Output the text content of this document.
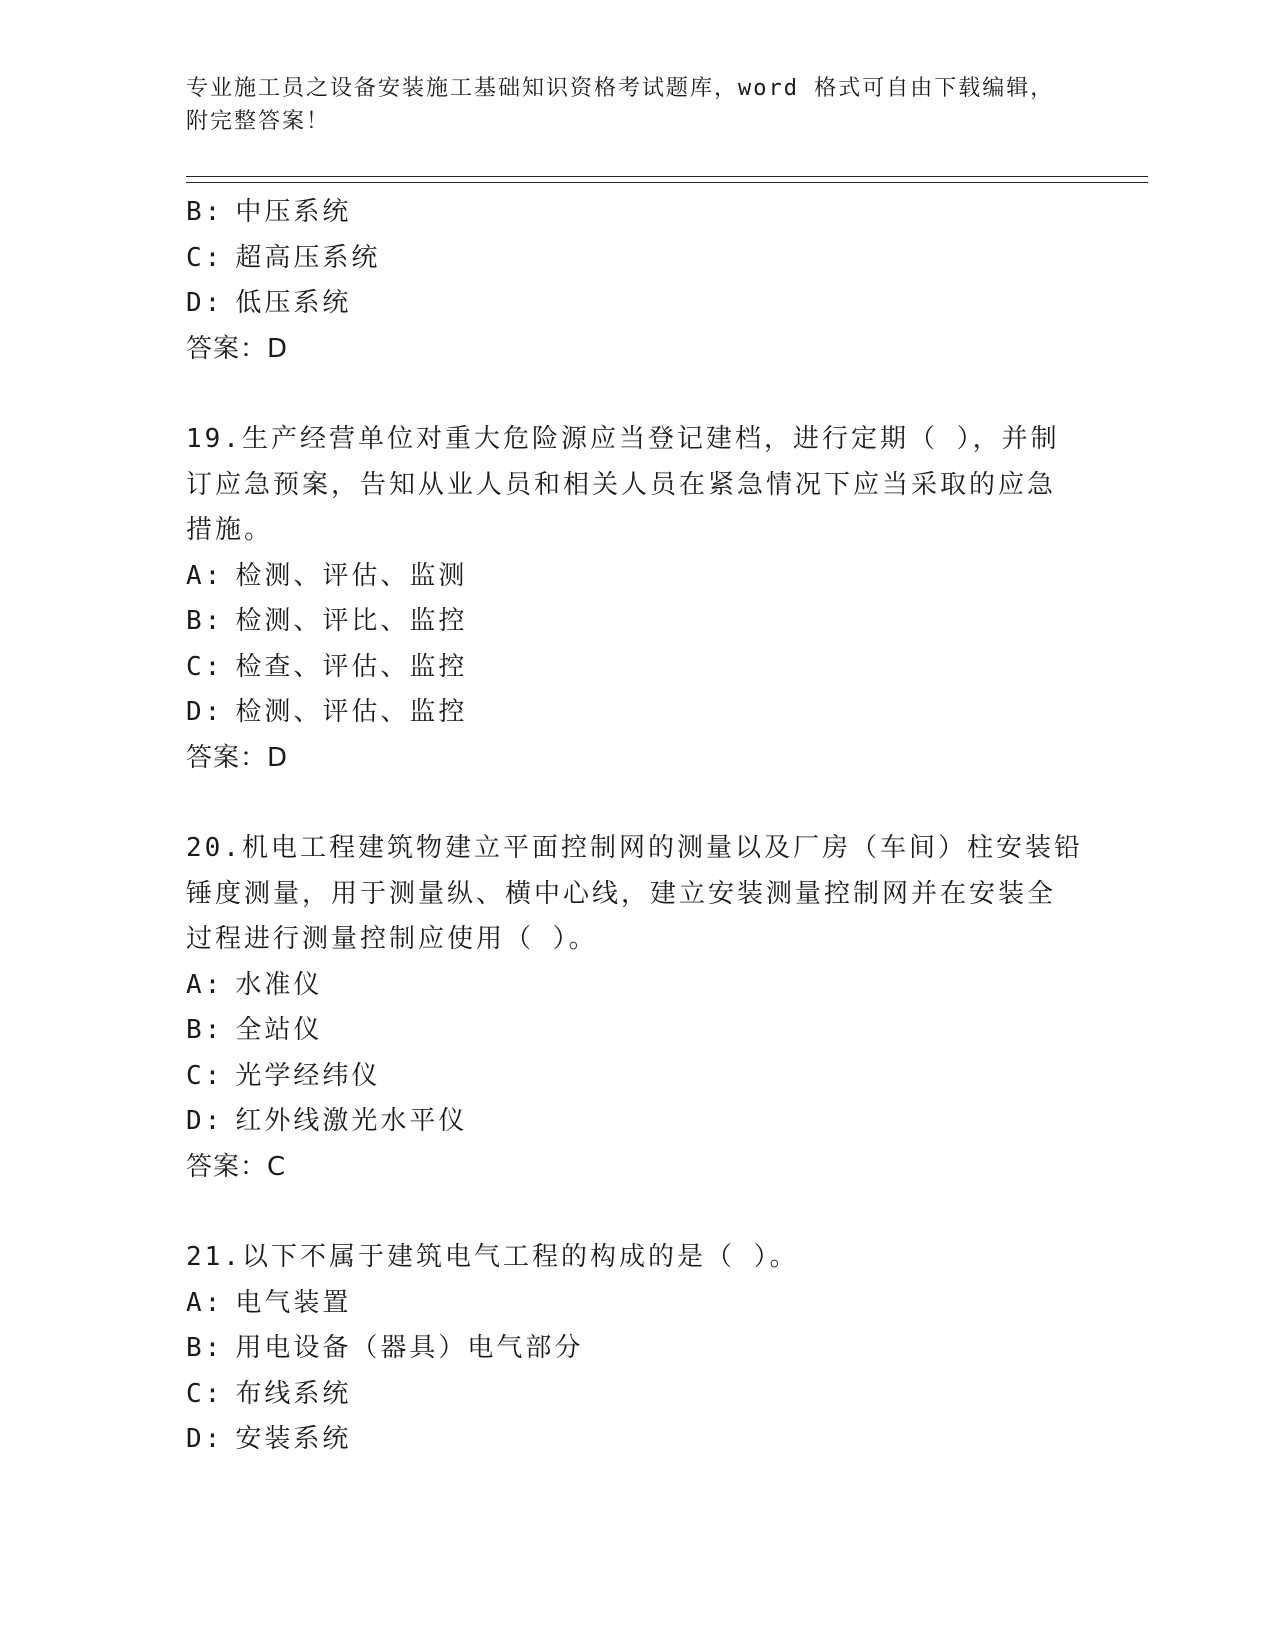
专业施工员之设备安装施工基础知识资格考试题库，word 格式可自由下载编辑，
附完整答案！
B: 中压系统
C: 超高压系统
D: 低压系统
答案：D
19.生产经营单位对重大危险源应当登记建档，进行定期（ ），并制
订应急预案，告知从业人员和相关人员在紧急情况下应当采取的应急
措施。
A: 检测、评估、监测
B: 检测、评比、监控
C: 检查、评估、监控
D: 检测、评估、监控
答案：D
20.机电工程建筑物建立平面控制网的测量以及厂房（车间）柱安装铅
锤度测量，用于测量纵、横中心线，建立安装测量控制网并在安装全
过程进行测量控制应使用（ ）。
A: 水准仪
B: 全站仪
C: 光学经纬仪
D: 红外线激光水平仪
答案：C
21.以下不属于建筑电气工程的构成的是（ ）。
A: 电气装置
B: 用电设备（器具）电气部分
C: 布线系统
D: 安装系统
